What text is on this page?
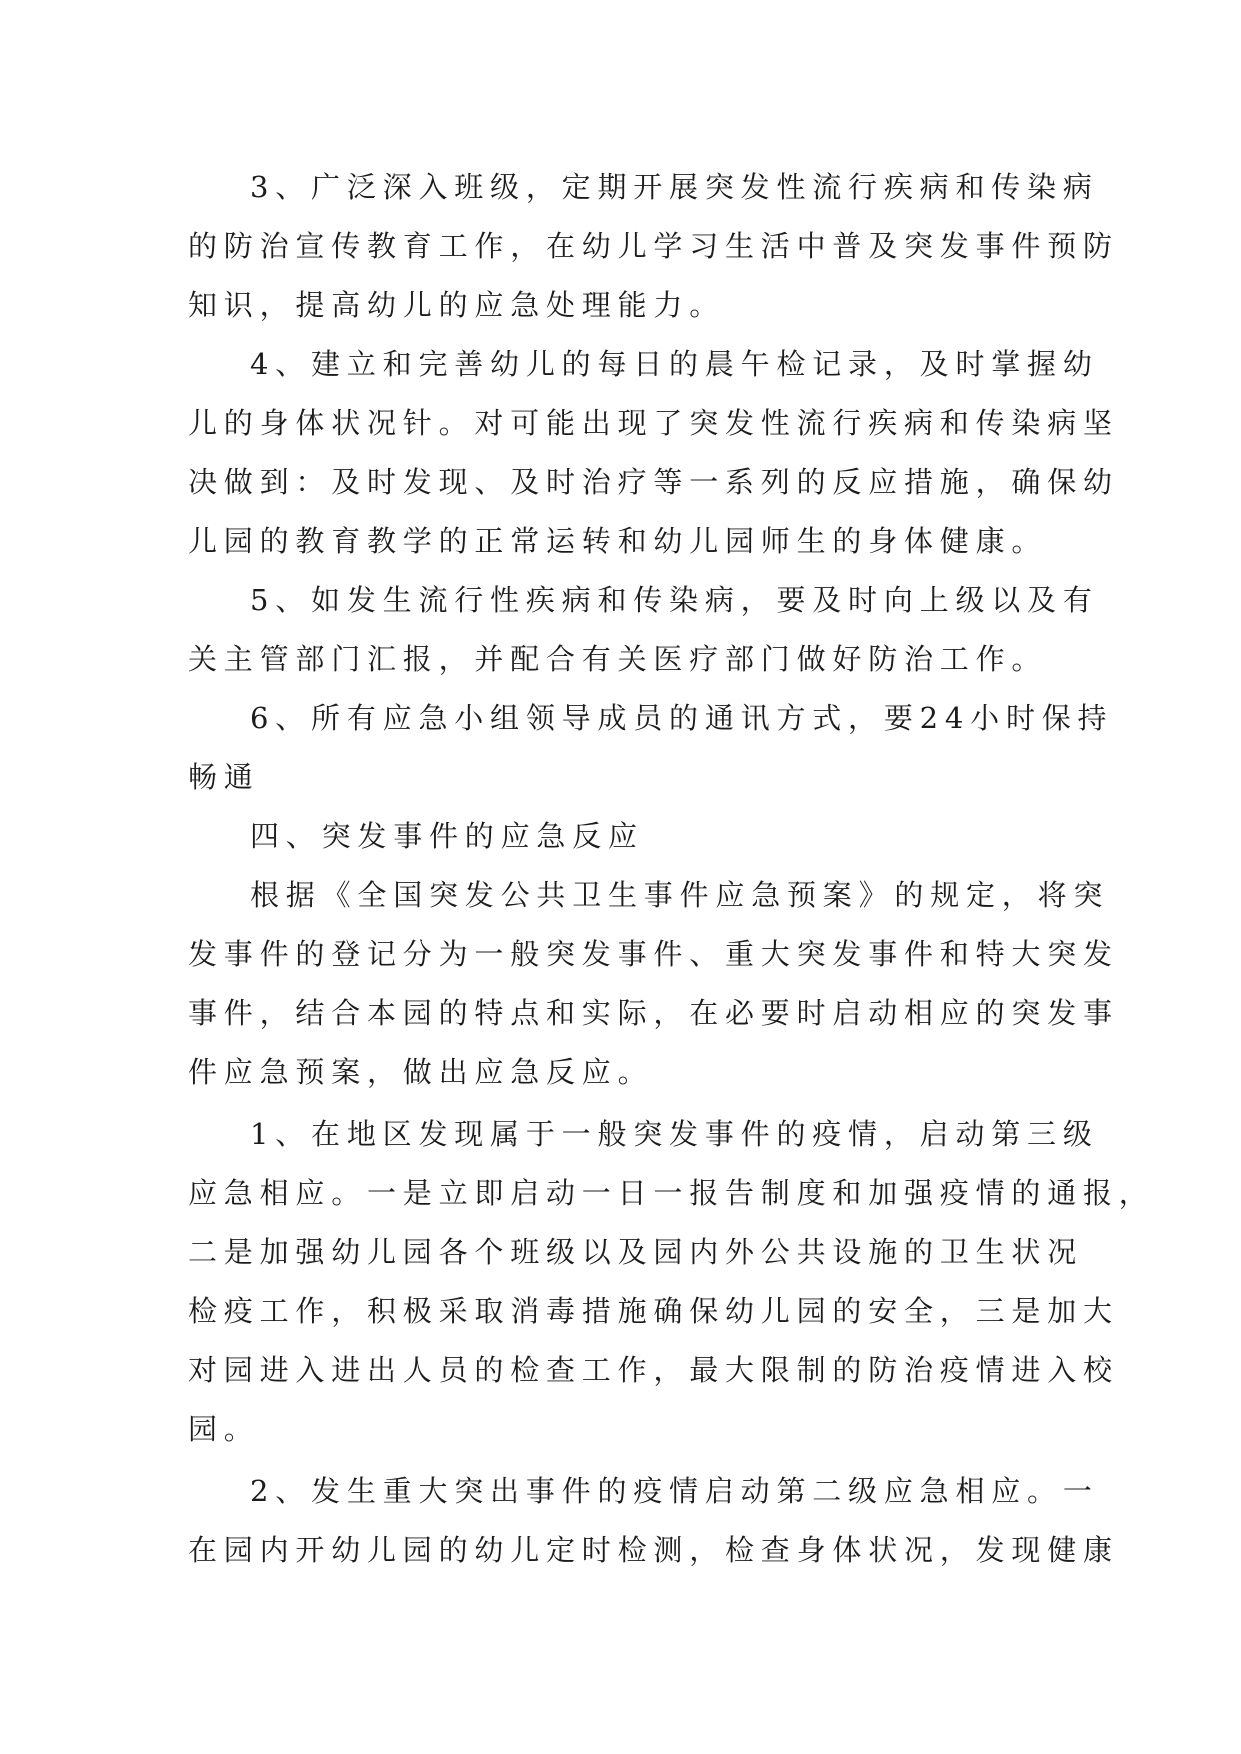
3、广泛深入班级，定期开展突发性流行疾病和传染病
的防治宣传教育工作，在幼儿学习生活中普及突发事件预防
知识，提高幼儿的应急处理能力。
4、建立和完善幼儿的每日的晨午检记录，及时掌握幼
儿的身体状况针。对可能出现了突发性流行疾病和传染病坚
决做到：及时发现、及时治疗等一系列的反应措施，确保幼
儿园的教育教学的正常运转和幼儿园师生的身体健康。
5、如发生流行性疾病和传染病，要及时向上级以及有
关主管部门汇报，并配合有关医疗部门做好防治工作。
6、所有应急小组领导成员的通讯方式，要24小时保持
畅通
四、突发事件的应急反应
根据《全国突发公共卫生事件应急预案》的规定，将突
发事件的登记分为一般突发事件、重大突发事件和特大突发
事件，结合本园的特点和实际，在必要时启动相应的突发事
件应急预案，做出应急反应。
1、在地区发现属于一般突发事件的疫情，启动第三级
应急相应。一是立即启动一日一报告制度和加强疫情的通报，
二是加强幼儿园各个班级以及园内外公共设施的卫生状况
检疫工作，积极采取消毒措施确保幼儿园的安全，三是加大
对园进入进出人员的检查工作，最大限制的防治疫情进入校
园。
2、发生重大突出事件的疫情启动第二级应急相应。一
在园内开幼儿园的幼儿定时检测，检查身体状况，发现健康
